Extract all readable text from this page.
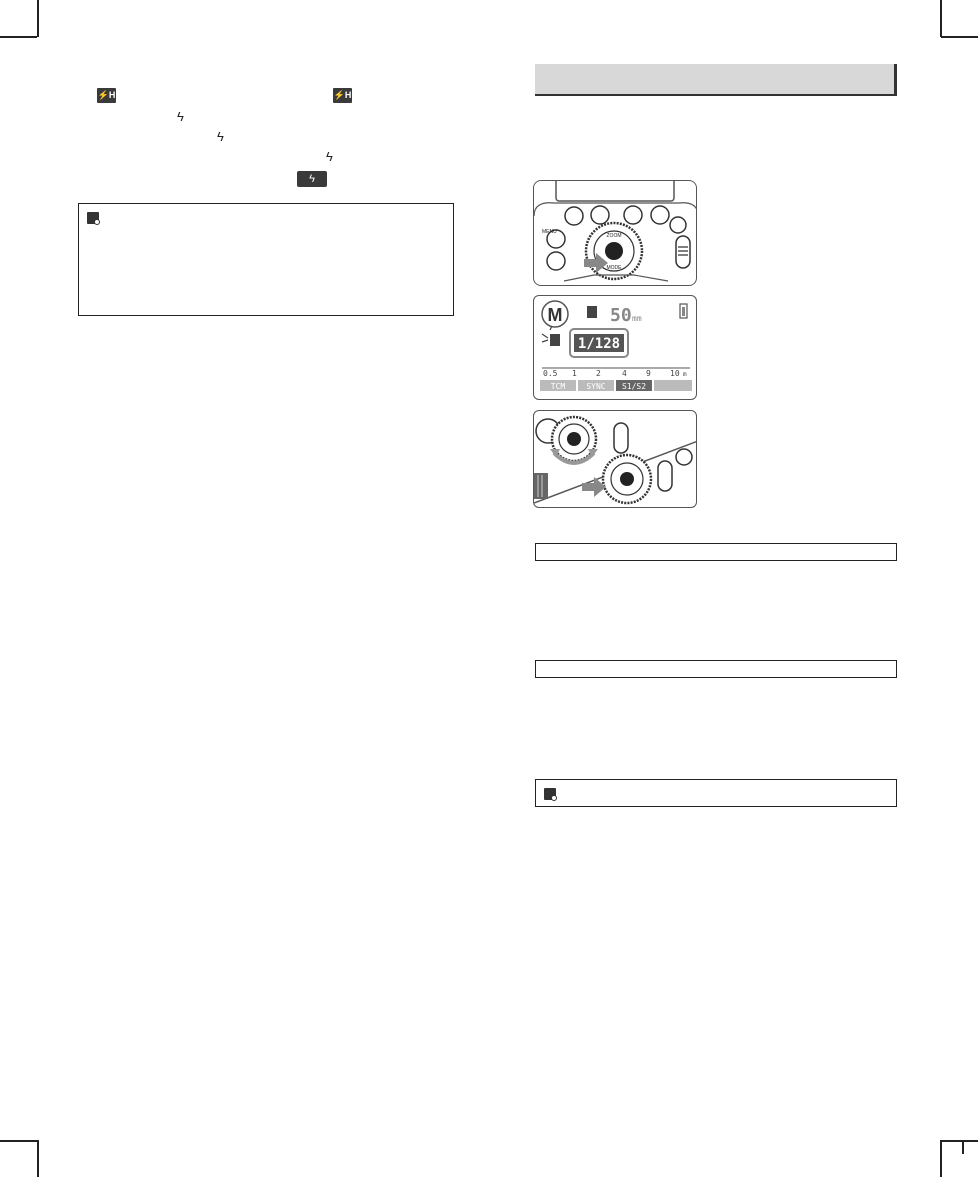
⚡H	⚡H
ϟ
ϟ
ϟ
ϟ
ZOOM
MODE
MENU
M	50 mm
1/128
0.5 1 2	4 9 10 m
TCM	SYNC S1/S2
